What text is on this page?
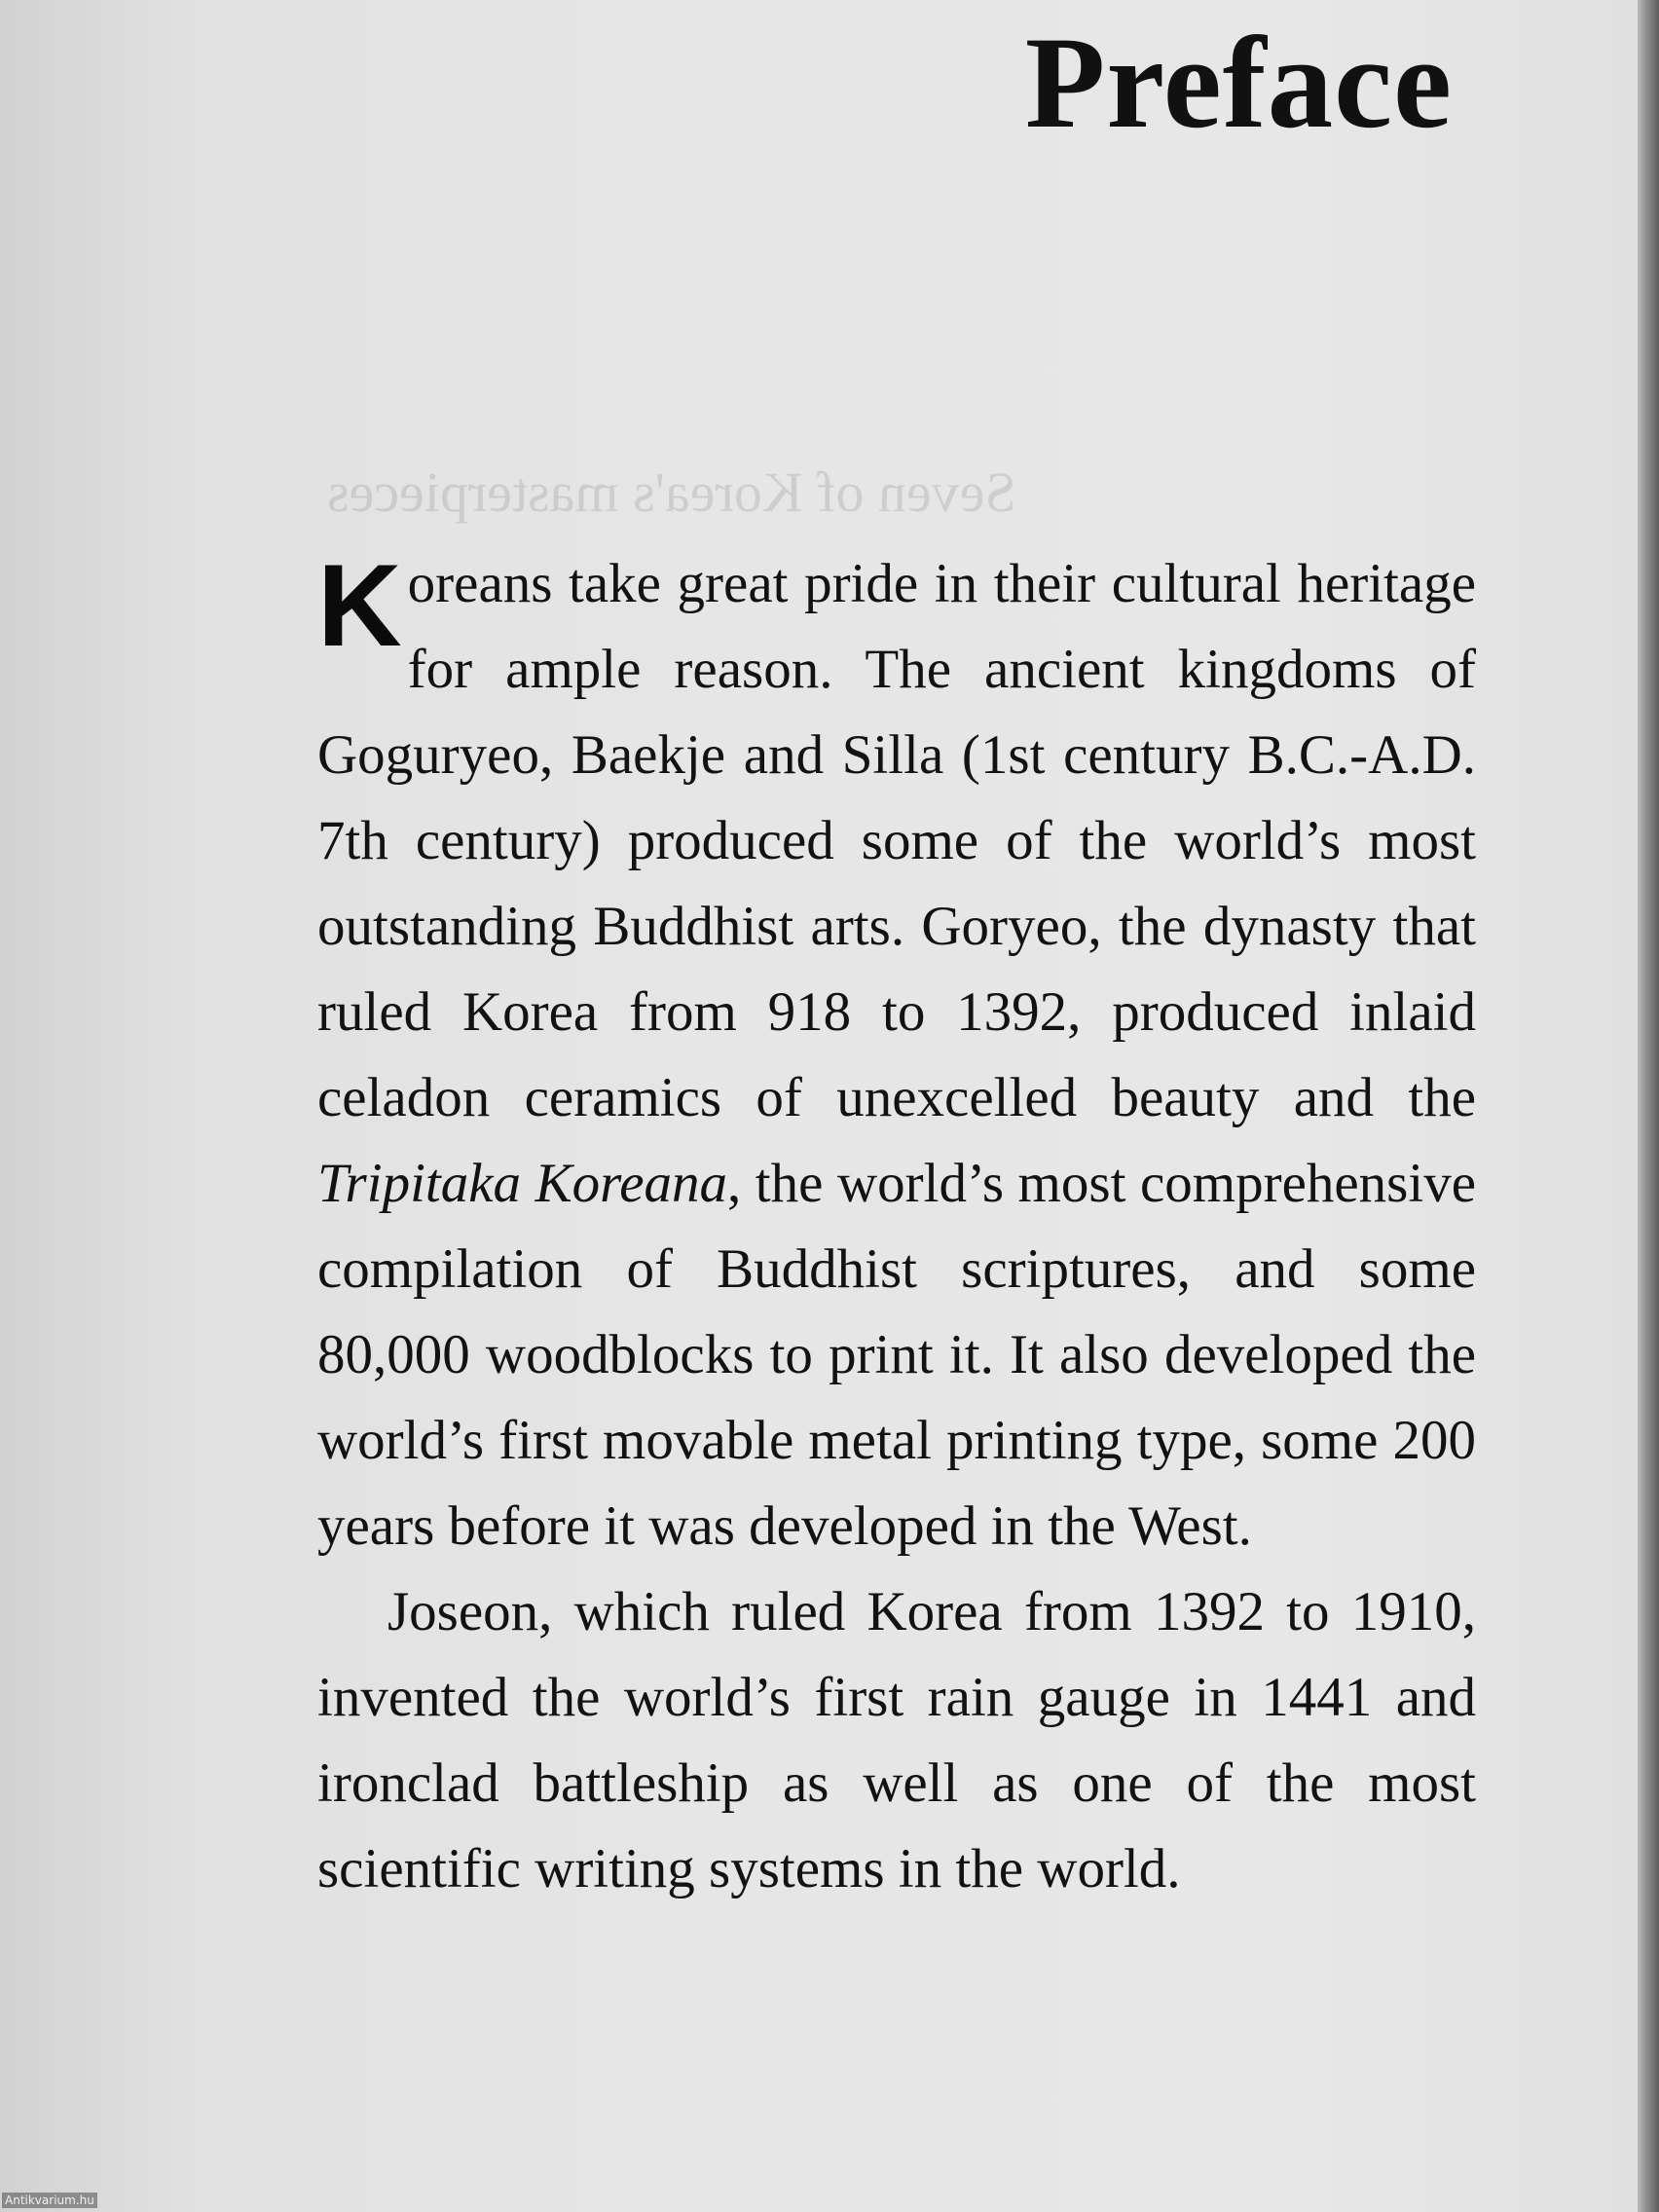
Seven of Korea's masterpieces
Preface

Koreans take great pride in their cultural heritage for ample reason. The ancient kingdoms of Goguryeo, Baekje and Silla (1st century B.C.-A.D. 7th century) produced some of the world’s most outstanding Buddhist arts. Goryeo, the dynasty that ruled Korea from 918 to 1392, produced inlaid celadon ceramics of unexcelled beauty and the Tripitaka Koreana, the world’s most comprehensive compilation of Buddhist scriptures, and some 80,000 woodblocks to print it. It also developed the world’s first movable metal printing type, some 200 years before it was developed in the West.

Joseon, which ruled Korea from 1392 to 1910, invented the world’s first rain gauge in 1441 and ironclad battleship as well as one of the most scientific writing systems in the world.

Antikvarium.hu
